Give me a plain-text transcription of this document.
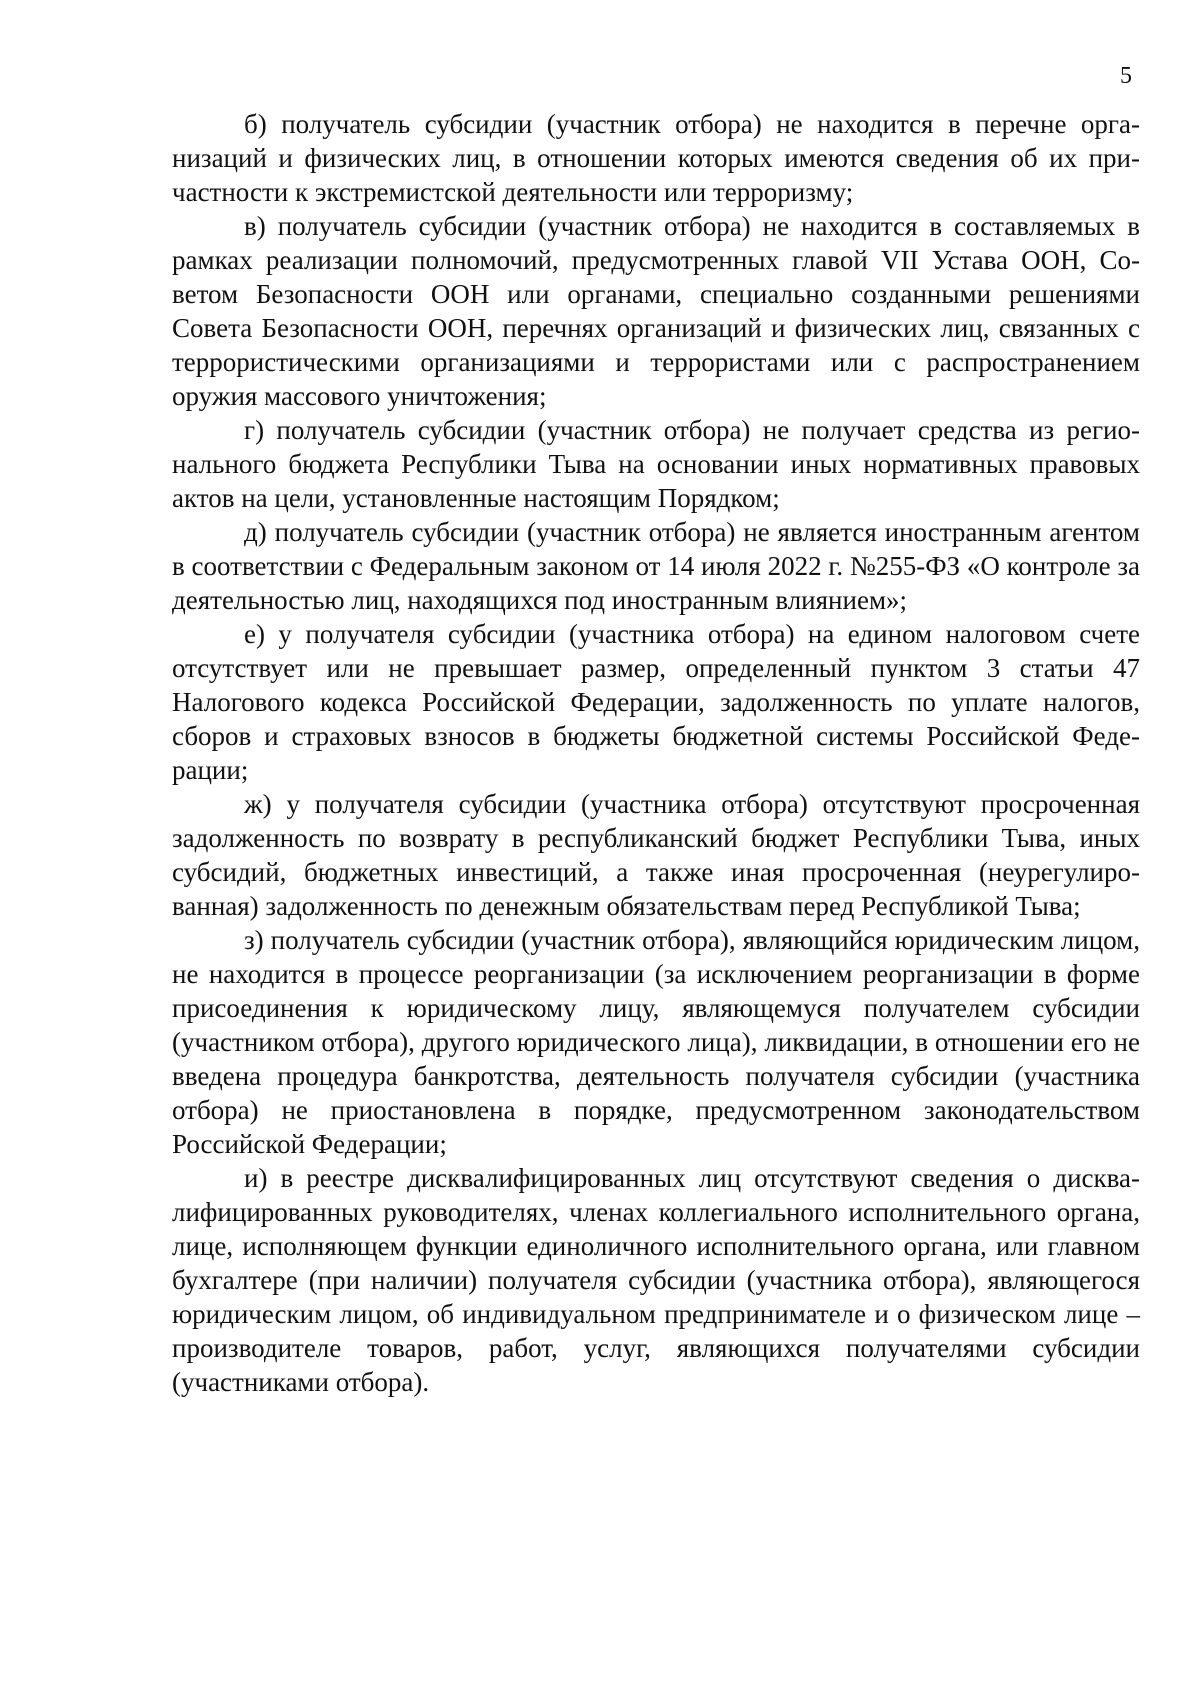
5

б) получатель субсидии (участник отбора) не находится в перечне организаций и физических лиц, в отношении которых имеются сведения об их причастности к экстремистской деятельности или терроризму;

в) получатель субсидии (участник отбора) не находится в составляемых в рамках реализации полномочий, предусмотренных главой VII Устава ООН, Советом Безопасности ООН или органами, специально созданными решениями Совета Безопасности ООН, перечнях организаций и физических лиц, связанных с террористическими организациями и террористами или с распространением оружия массового уничтожения;

г) получатель субсидии (участник отбора) не получает средства из регионального бюджета Республики Тыва на основании иных нормативных правовых актов на цели, установленные настоящим Порядком;

д) получатель субсидии (участник отбора) не является иностранным агентом в соответствии с Федеральным законом от 14 июля 2022 г. №255-ФЗ «О контроле за деятельностью лиц, находящихся под иностранным влиянием»;

е) у получателя субсидии (участника отбора) на едином налоговом счете отсутствует или не превышает размер, определенный пунктом 3 статьи 47 Налогового кодекса Российской Федерации, задолженность по уплате налогов, сборов и страховых взносов в бюджеты бюджетной системы Российской Федерации;

ж) у получателя субсидии (участника отбора) отсутствуют просроченная задолженность по возврату в республиканский бюджет Республики Тыва, иных субсидий, бюджетных инвестиций, а также иная просроченная (неурегулированная) задолженность по денежным обязательствам перед Республикой Тыва;

з) получатель субсидии (участник отбора), являющийся юридическим лицом, не находится в процессе реорганизации (за исключением реорганизации в форме присоединения к юридическому лицу, являющемуся получателем субсидии (участником отбора), другого юридического лица), ликвидации, в отношении его не введена процедура банкротства, деятельность получателя субсидии (участника отбора) не приостановлена в порядке, предусмотренном законодательством Российской Федерации;

и) в реестре дисквалифицированных лиц отсутствуют сведения о дисквалифицированных руководителях, членах коллегиального исполнительного органа, лице, исполняющем функции единоличного исполнительного органа, или главном бухгалтере (при наличии) получателя субсидии (участника отбора), являющегося юридическим лицом, об индивидуальном предпринимателе и о физическом лице – производителе товаров, работ, услуг, являющихся получателями субсидии (участниками отбора).
